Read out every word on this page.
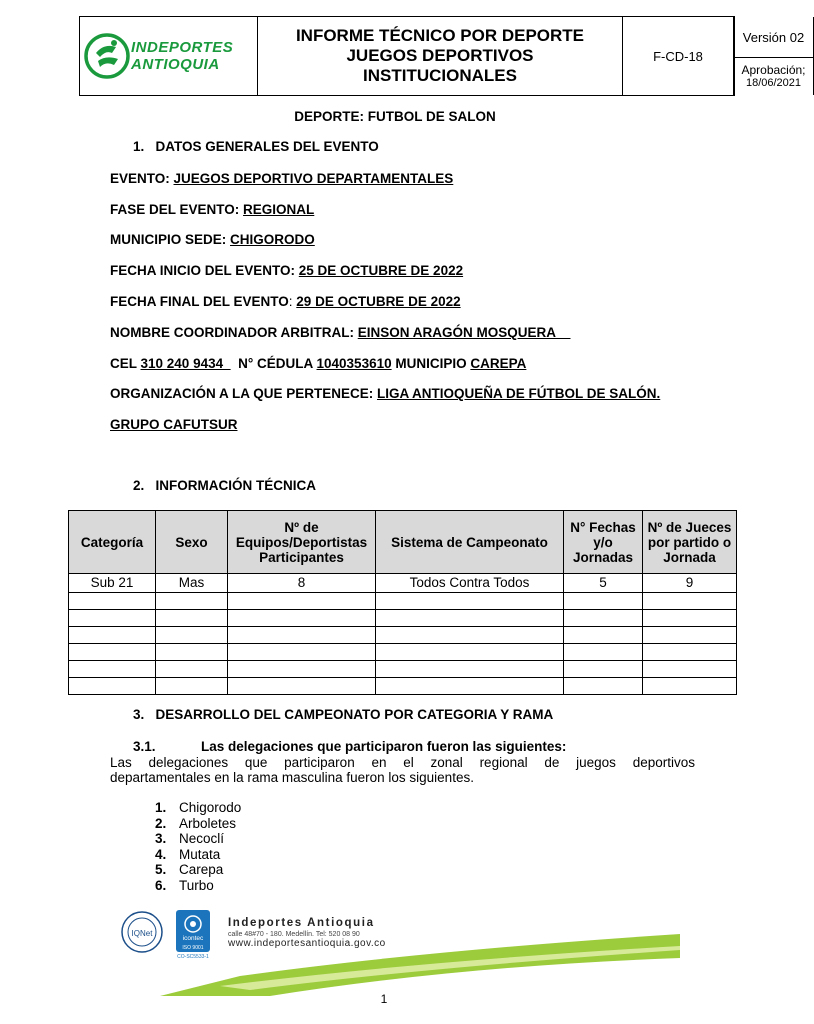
INDEPORTES
ANTIOQUIA
INFORME TÉCNICO POR DEPORTE
JUEGOS DEPORTIVOS
INSTITUCIONALES
F-CD-18
Versión 02
Aprobación;
18/06/2021
DEPORTE: FUTBOL DE SALON
1.   DATOS GENERALES DEL EVENTO
EVENTO: JUEGOS DEPORTIVO DEPARTAMENTALES
FASE DEL EVENTO: REGIONAL
MUNICIPIO SEDE: CHIGORODO
FECHA INICIO DEL EVENTO: 25 DE OCTUBRE DE 2022
FECHA FINAL DEL EVENTO: 29 DE OCTUBRE DE 2022
NOMBRE COORDINADOR ARBITRAL: EINSON ARAGÓN MOSQUERA
CEL 310 240 9434    N° CÉDULA 1040353610 MUNICIPIO CAREPA
ORGANIZACIÓN A LA QUE PERTENECE: LIGA ANTIOQUEÑA DE FÚTBOL DE SALÓN.
GRUPO CAFUTSUR
2.   INFORMACIÓN TÉCNICA
Categoría	Sexo	Nº de Equipos/Deportistas Participantes	Sistema de Campeonato	N° Fechas y/o Jornadas	Nº de Jueces por partido o Jornada
Sub 21	Mas	8	Todos Contra Todos	5	9

3.   DESARROLLO DEL CAMPEONATO POR CATEGORIA Y RAMA
3.1.	Las delegaciones que participaron fueron las siguientes:
Las delegaciones que participaron en el zonal regional de juegos deportivos
departamentales en la rama masculina fueron los siguientes.
1. Chigorodo
2. Arboletes
3. Necoclí
4. Mutata
5. Carepa
6. Turbo
IQNet
icontec
ISO 9001
CO-SC5533-1
Indeportes Antioquia
calle 48#70 - 180. Medellín. Tel: 520 08 90
www.indeportesantioquia.gov.co
1
